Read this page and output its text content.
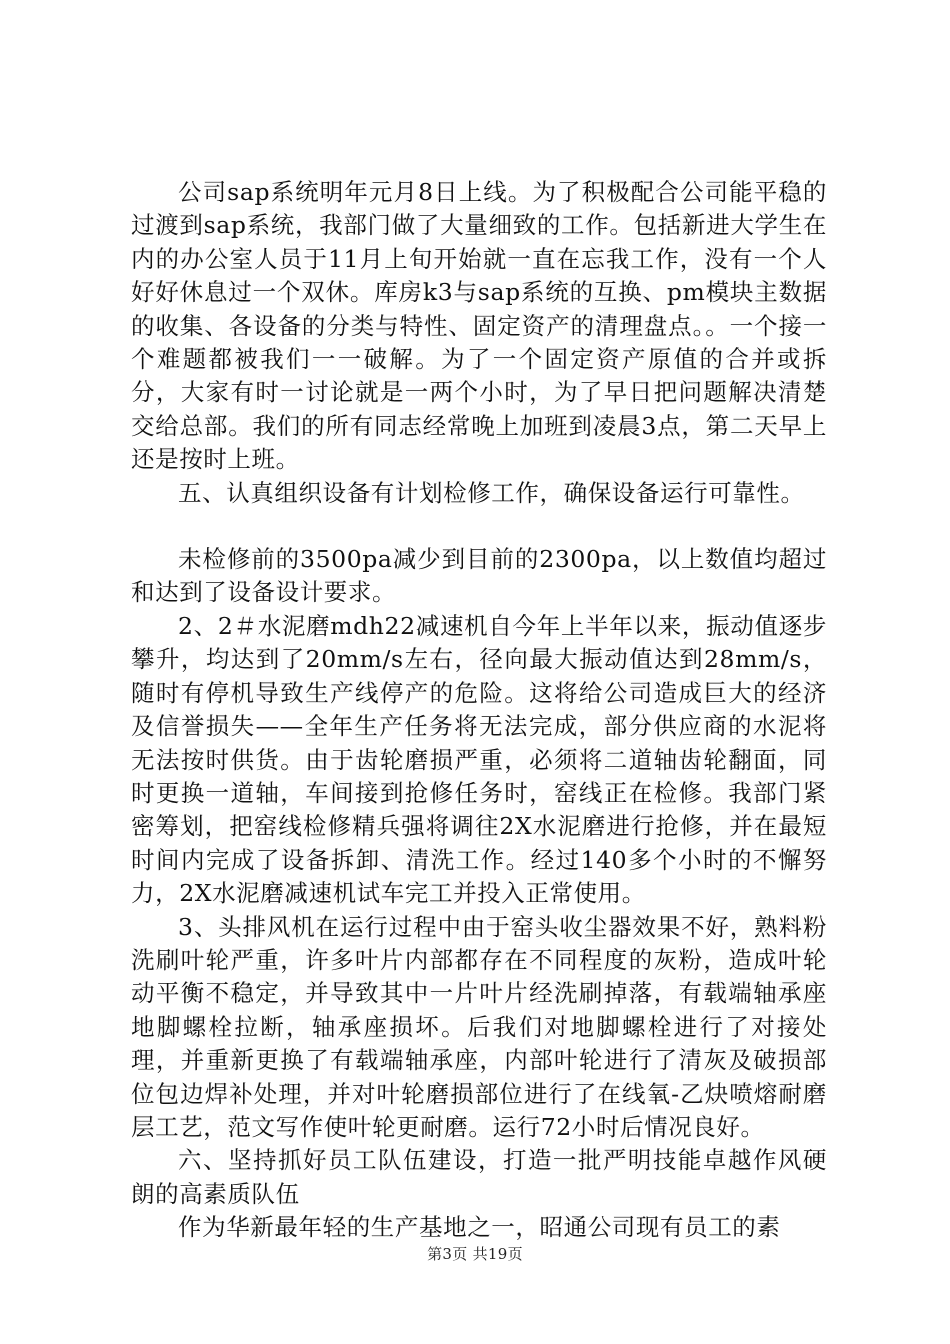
公司sap系统明年元月8日上线。为了积极配合公司能平稳的过渡到sap系统，我部门做了大量细致的工作。包括新进大学生在内的办公室人员于11月上旬开始就一直在忘我工作，没有一个人好好休息过一个双休。库房k3与sap系统的互换、pm模块主数据的收集、各设备的分类与特性、固定资产的清理盘点。。一个接一个难题都被我们一一破解。为了一个固定资产原值的合并或拆分，大家有时一讨论就是一两个小时，为了早日把问题解决清楚交给总部。我们的所有同志经常晚上加班到凌晨3点，第二天早上还是按时上班。

五、认真组织设备有计划检修工作，确保设备运行可靠性。

未检修前的3500pa减少到目前的2300pa，以上数值均超过和达到了设备设计要求。

2、2＃水泥磨mdh22减速机自今年上半年以来，振动值逐步攀升，均达到了20mm/s左右，径向最大振动值达到28mm/s，随时有停机导致生产线停产的危险。这将给公司造成巨大的经济及信誉损失——全年生产任务将无法完成，部分供应商的水泥将无法按时供货。由于齿轮磨损严重，必须将二道轴齿轮翻面，同时更换一道轴，车间接到抢修任务时，窑线正在检修。我部门紧密筹划，把窑线检修精兵强将调往2X水泥磨进行抢修，并在最短时间内完成了设备拆卸、清洗工作。经过140多个小时的不懈努力，2X水泥磨减速机试车完工并投入正常使用。

3、头排风机在运行过程中由于窑头收尘器效果不好，熟料粉洗刷叶轮严重，许多叶片内部都存在不同程度的灰粉，造成叶轮动平衡不稳定，并导致其中一片叶片经洗刷掉落，有载端轴承座地脚螺栓拉断，轴承座损坏。后我们对地脚螺栓进行了对接处理，并重新更换了有载端轴承座，内部叶轮进行了清灰及破损部位包边焊补处理，并对叶轮磨损部位进行了在线氧-乙炔喷熔耐磨层工艺，范文写作使叶轮更耐磨。运行72小时后情况良好。

六、坚持抓好员工队伍建设，打造一批严明技能卓越作风硬朗的高素质队伍

作为华新最年轻的生产基地之一，昭通公司现有员工的素

第3页 共19页
